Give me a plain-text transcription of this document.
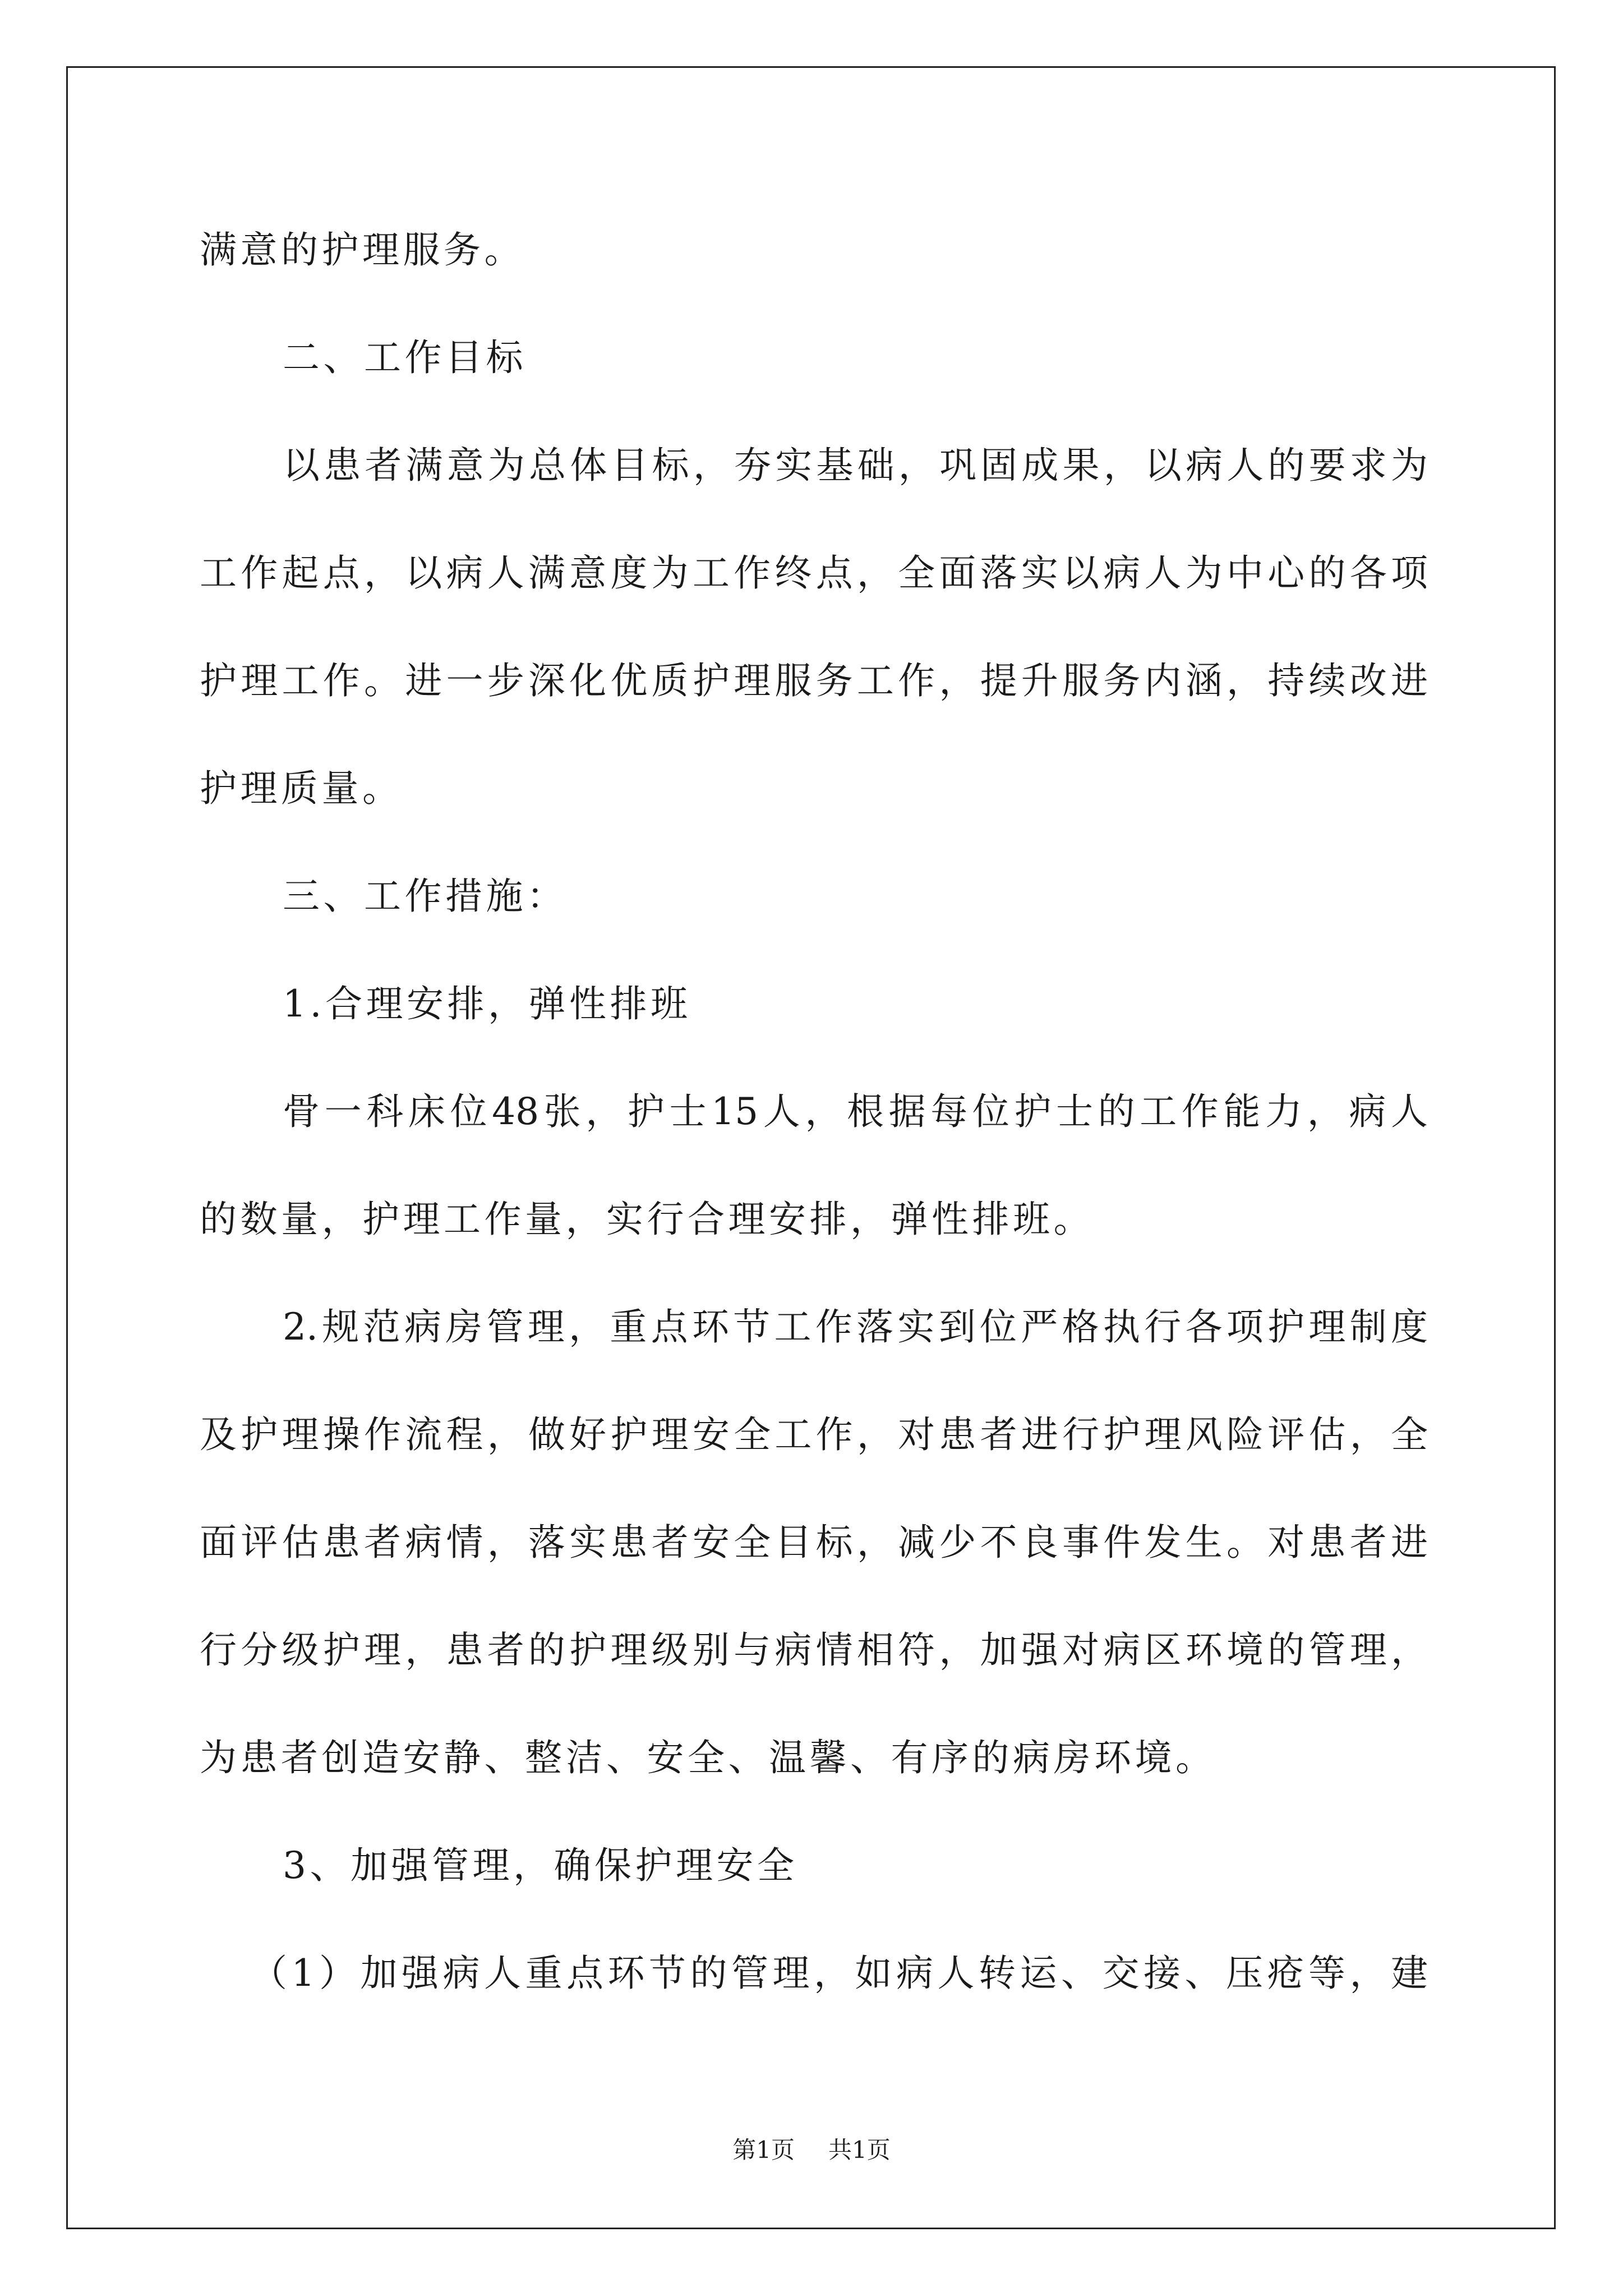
满意的护理服务。
二、工作目标
以患者满意为总体目标，夯实基础，巩固成果，以病人的要求为
工作起点，以病人满意度为工作终点，全面落实以病人为中心的各项
护理工作。进一步深化优质护理服务工作，提升服务内涵，持续改进
护理质量。
三、工作措施：
1.合理安排，弹性排班
骨一科床位48张，护士15人，根据每位护士的工作能力，病人
的数量，护理工作量，实行合理安排，弹性排班。
2.规范病房管理，重点环节工作落实到位严格执行各项护理制度
及护理操作流程，做好护理安全工作，对患者进行护理风险评估，全
面评估患者病情，落实患者安全目标，减少不良事件发生。对患者进
行分级护理，患者的护理级别与病情相符，加强对病区环境的管理，
为患者创造安静、整洁、安全、温馨、有序的病房环境。
3、加强管理，确保护理安全
（1）加强病人重点环节的管理，如病人转运、交接、压疮等，建
第1页 共1页
